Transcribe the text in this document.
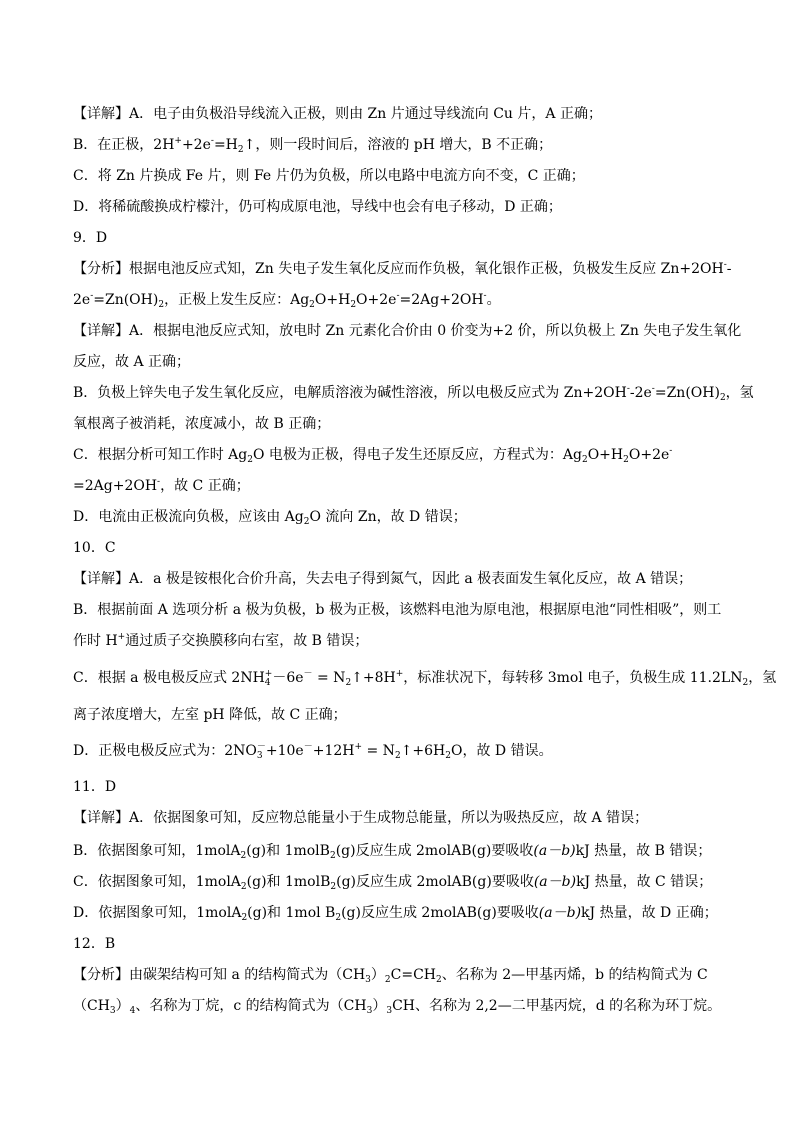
【详解】A．电子由负极沿导线流入正极，则由 Zn 片通过导线流向 Cu 片，A 正确；
B．在正极，$2H^++2e^-=H_2↑$，则一段时间后，溶液的 pH 增大，B 不正确；
C．将 Zn 片换成 Fe 片，则 Fe 片仍为负极，所以电路中电流方向不变，C 正确；
D．将稀硫酸换成柠檬汁，仍可构成原电池，导线中也会有电子移动，D 正确；
9．D
【分析】根据电池反应式知，Zn 失电子发生氧化反应而作负极，氧化银作正极，负极发生反应 Zn+2OH--
$2e^-=Zn(OH)_2$，正极上发生反应：$Ag_2O+H_2O+2e^-=2Ag+2OH^-$。
【详解】A．根据电池反应式知，放电时 Zn 元素化合价由 0 价变为+2 价，所以负极上 Zn 失电子发生氧化
反应，故 A 正确；
B．负极上锌失电子发生氧化反应，电解质溶液为碱性溶液，所以电极反应式为 $Zn+2OH^--2e^-=Zn(OH)_2$，氢
氧根离子被消耗，浓度减小，故 B 正确；
C．根据分析可知工作时 $Ag_2O$ 电极为正极，得电子发生还原反应，方程式为：$Ag_2O+H_2O+2e^-$
=2Ag+2OH-，故 C 正确；
D．电流由正极流向负极，应该由 $Ag_2O$ 流向 Zn，故 D 错误；
10．C
【详解】A．a 极是铵根化合价升高，失去电子得到氮气，因此 a 极表面发生氧化反应，故 A 错误；
B．根据前面 A 选项分析 a 极为负极，b 极为正极，该燃料电池为原电池，根据原电池“同性相吸”，则工
作时 H+通过质子交换膜移向右室，故 B 错误；
C．根据 a 极电极反应式 2NH +
$4 -6e^- = N_2↑+8H^+$，标准状况下，每转移 3mol 电子，负极生成 $11.2LN_2$，氢
离子浓度增大，左室 pH 降低，故 C 正确；
D．正极电极反应式为：2NO －
$3 +10e^-+12H^+ = N_2↑+6H_2O$，故 D 错误。
11．D
【详解】A．依据图象可知，反应物总能量小于生成物总能量，所以为吸热反应，故 A 错误；
B．依据图象可知，1molA$_2$(g)和 1molB$_2$(g)反应生成 2molAB(g)要吸收(a－b)kJ 热量，故 B 错误；
C．依据图象可知，1molA$_2$(g)和 1molB$_2$(g)反应生成 2molAB(g)要吸收(a－b)kJ 热量，故 C 错误；
D．依据图象可知，1molA$_2$(g)和 1mol $B_2(g)$反应生成 2molAB(g)要吸收(a－b)kJ 热量，故 D 正确；
12．B
【分析】由碳架结构可知 a 的结构简式为$(CH_3)_2C=CH_2$、名称为 2—甲基丙烯，b 的结构简式为 C
$(CH_3)_4$、名称为丁烷，c 的结构简式为$(CH_3)_3CH$、名称为 2,2—二甲基丙烷，d 的名称为环丁烷。
